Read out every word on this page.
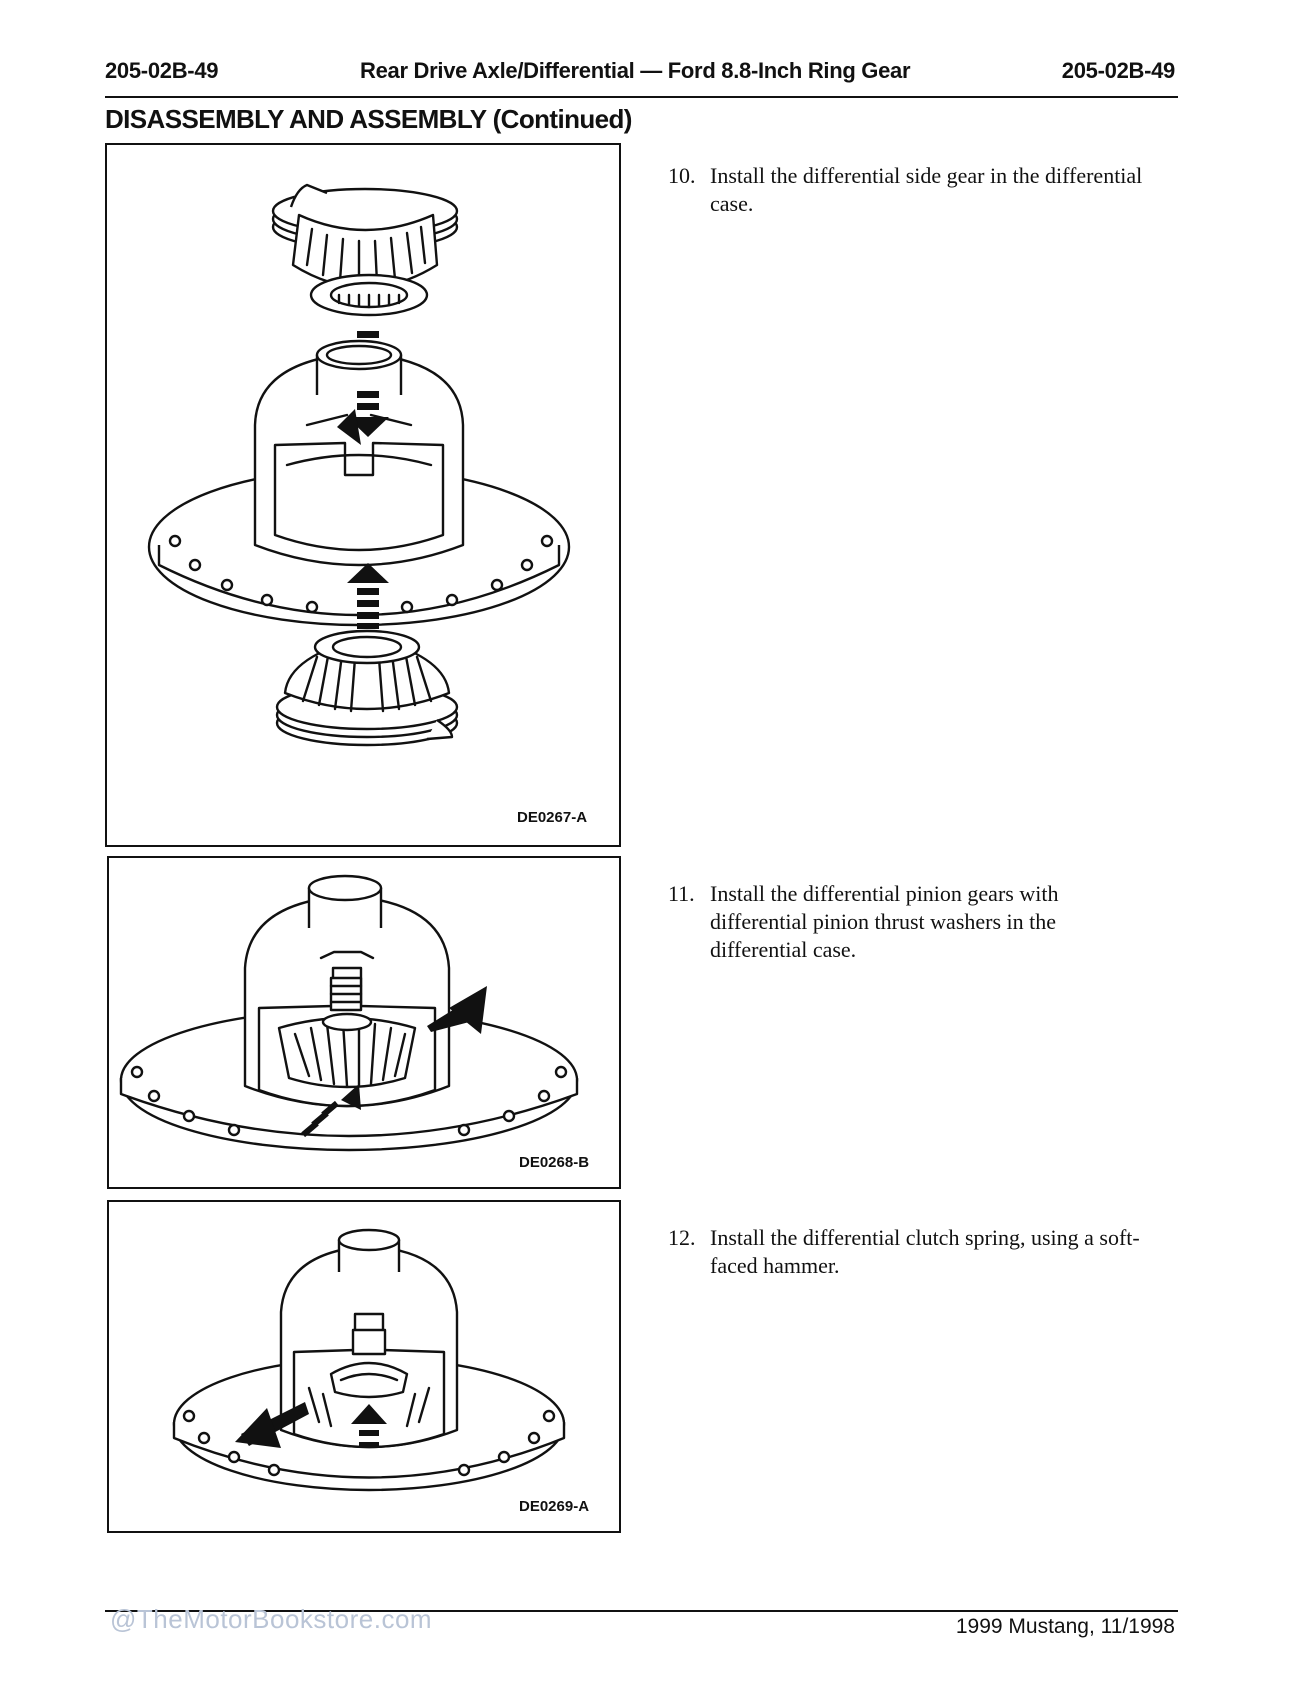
205-02B-49	Rear Drive Axle/Differential — Ford 8.8-Inch Ring Gear	205-02B-49
DISASSEMBLY AND ASSEMBLY (Continued)
DE0267-A
DE0268-B
DE0269-A
10. Install the differential side gear in the differential case.
11. Install the differential pinion gears with differential pinion thrust washers in the differential case.
12. Install the differential clutch spring, using a soft-faced hammer.
@TheMotorBookstore.com	1999 Mustang, 11/1998
